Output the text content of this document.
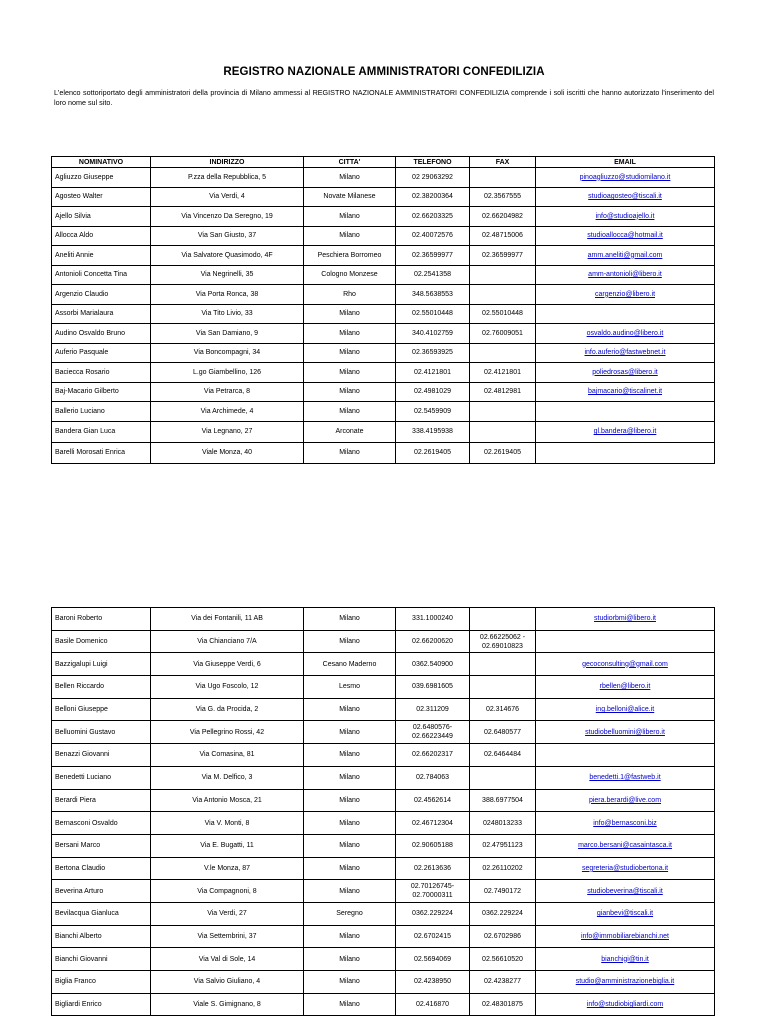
REGISTRO NAZIONALE AMMINISTRATORI CONFEDILIZIA
L'elenco sottoriportato degli amministratori della provincia di Milano ammessi al REGISTRO NAZIONALE AMMINISTRATORI CONFEDILIZIA comprende i soli iscritti che hanno autorizzato l'inserimento del loro nome sul sito.
NOMINATIVO	INDIRIZZO	CITTA'	TELEFONO	FAX	EMAIL
Agliuzzo Giuseppe	P.zza della Repubblica, 5	Milano	02 29063292		pinoagliuzzo@studiomilano.it
Agosteo Walter	Via Verdi, 4	Novate Milanese	02.38200364	02.3567555	studioagosteo@tiscali.it
Ajello Silvia	Via Vincenzo Da Seregno, 19	Milano	02.66203325	02.66204982	info@studioajello.it
Allocca Aldo	Via San Giusto, 37	Milano	02.40072576	02.48715006	studioallocca@hotmail.it
Aneliti Annie	Via Salvatore Quasimodo, 4F	Peschiera Borromeo	02.36599977	02.36599977	amm.aneliti@gmail.com
Antonioli Concetta Tina	Via Negrinelli, 35	Cologno Monzese	02.2541358		amm-antonioli@libero.it
Argenzio Claudio	Via Porta Ronca, 38	Rho	348.5638553		cargenzio@libero.it
Assorbi Marialaura	Via Tito Livio, 33	Milano	02.55010448	02.55010448	
Audino Osvaldo Bruno	Via San Damiano, 9	Milano	340.4102759	02.76009051	osvaldo.audino@libero.it
Auferio Pasquale	Via Boncompagni, 34	Milano	02.36593925		info.auferio@fastwebnet.it
Baciecca Rosario	L.go Giambellino, 126	Milano	02.4121801	02.4121801	poliedrosas@libero.it
Baj-Macario Gilberto	Via Petrarca, 8	Milano	02.4981029	02.4812981	bajmacario@tiscalinet.it
Ballerio Luciano	Via Archimede, 4	Milano	02.5459909		
Bandera Gian Luca	Via Legnano, 27	Arconate	338.4195938		gl.bandera@libero.it
Barelli Morosati Enrica	Viale Monza, 40	Milano	02.2619405	02.2619405	
Baroni Roberto	Via dei Fontanili, 11 AB	Milano	331.1000240		studiorbmi@libero.it
Basile Domenico	Via Chianciano 7/A	Milano	02.66200620	02.66225062 - 02.69010823	
Bazzigalupi Luigi	Via Giuseppe Verdi, 6	Cesano Maderno	0362.540900		gecoconsulting@gmail.com
Bellen Riccardo	Via Ugo Foscolo, 12	Lesmo	039.6981605		rbellen@libero.it
Belloni Giuseppe	Via G. da Procida, 2	Milano	02.311209	02.314676	ing.belloni@alice.it
Belluomini Gustavo	Via Pellegrino Rossi, 42	Milano	02.6480576-02.66223449	02.6480577	studiobelluomini@libero.it
Benazzi Giovanni	Via Comasina, 81	Milano	02.66202317	02.6464484	
Benedetti Luciano	Via M. Delfico, 3	Milano	02.784063		benedetti.1@fastweb.it
Berardi Piera	Via Antonio Mosca, 21	Milano	02.4562614	388.6977504	piera.berardi@live.com
Bernasconi Osvaldo	Via V. Monti, 8	Milano	02.46712304	0248013233	info@bernasconi.biz
Bersani Marco	Via E. Bugatti, 11	Milano	02.90605188	02.47951123	marco.bersani@casaintasca.it
Bertona Claudio	V.le Monza, 87	Milano	02.2613636	02.26110202	segreteria@studiobertona.it
Beverina Arturo	Via Compagnoni, 8	Milano	02.70126745-02.70000311	02.7490172	studiobeverina@tiscali.it
Bevilacqua Gianluca	Via Verdi, 27	Seregno	0362.229224	0362.229224	gianbevi@tiscali.it
Bianchi Alberto	Via Settembrini, 37	Milano	02.6702415	02.6702986	info@immobiliarebianchi.net
Bianchi Giovanni	Via Val di Sole, 14	Milano	02.5694069	02.56610520	bianchigi@tin.it
Biglia Franco	Via Salvio Giuliano, 4	Milano	02.4238950	02.4238277	studio@amministrazionebiglia.it
Bigliardi Enrico	Viale S. Gimignano, 8	Milano	02.416870	02.48301875	info@studiobigliardi.com
